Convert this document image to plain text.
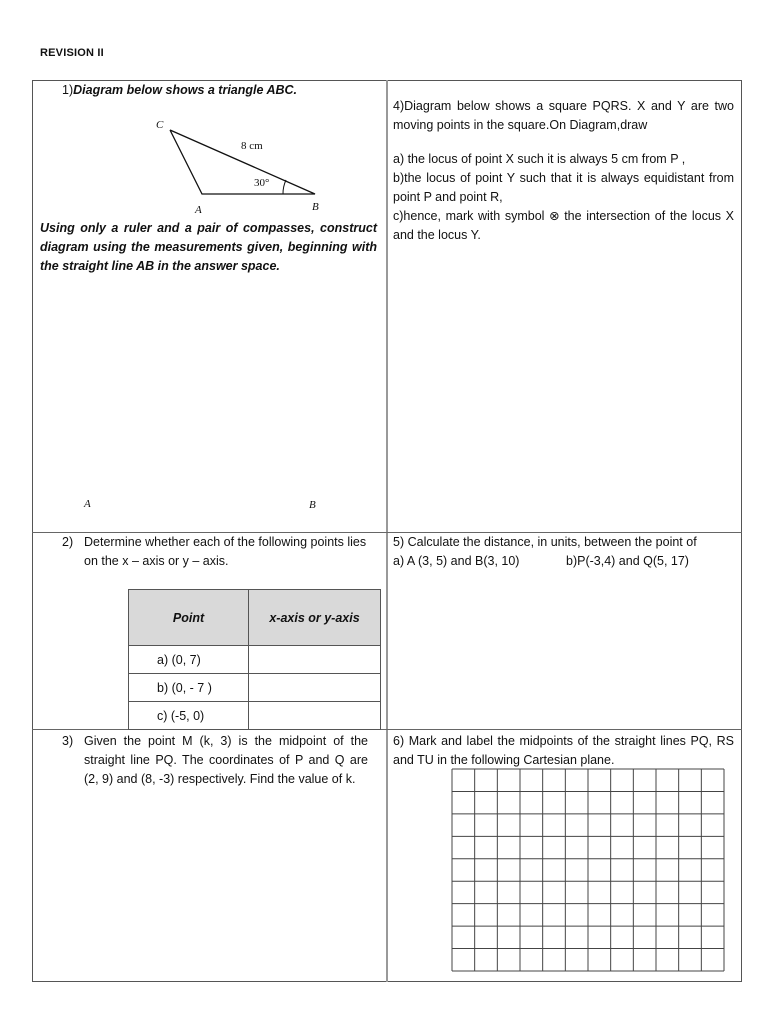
REVISION II
1)Diagram below shows a triangle ABC.
C
8 cm
30°
A	B
Using only a ruler and a pair of compasses, construct diagram using the measurements given, beginning with the straight line AB in the answer space.
A	B
4)Diagram below shows a square PQRS. X and Y are two moving points in the square.On Diagram,draw
a) the locus of point X such it is always 5 cm from P ,
b)the locus of point Y such that it is always equidistant from point P and point R,
c)hence, mark with symbol ⊗ the intersection of the locus X and the locus Y.
2) Determine whether each of the following points lies on the x – axis or y – axis.
Point	x-axis or y-axis
a) (0, 7)	
b) (0, - 7 )	
c) (-5, 0)	
5) Calculate the distance, in units, between the point of
a) A (3, 5) and B(3, 10)	b)P(-3,4) and Q(5, 17)
3) Given the point M (k, 3) is the midpoint of the straight line PQ. The coordinates of P and Q are (2, 9) and (8, -3) respectively. Find the value of k.
6) Mark and label the midpoints of the straight lines PQ, RS and TU in the following Cartesian plane.
